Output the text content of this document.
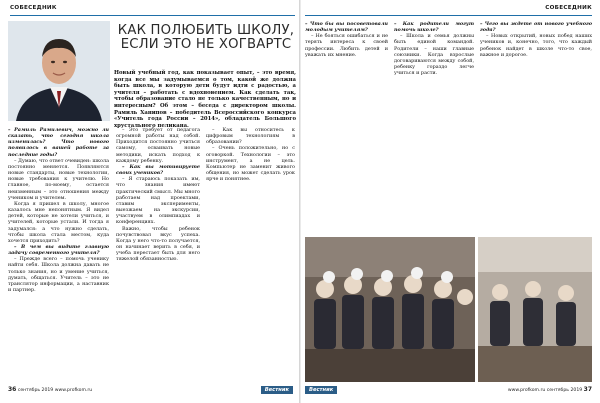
СОБЕСЕДНИК
КАК ПОЛЮБИТЬ ШКОЛУ, ЕСЛИ ЭТО НЕ ХОГВАРТС
Новый учебный год, как показывает опыт, – это время, когда все мы задумываемся о том, какой же должна быть школа, в которую дети будут идти с радостью, а учителя – работать с вдохновением. Как сделать так, чтобы образование стало не только качественным, но и интересным? Об этом – беседа с директором школы. Рамиль Ханипов – победитель Всероссийского конкурса «Учитель года России – 2014», обладатель Большого хрустального пеликана.

– Рамиль Рамилевич, можно ли сказать, что сегодня школа изменилась? Что нового появилось в вашей работе за последние годы?

– Думаю, что ответ очевиден: школа постоянно меняется. Появляются новые стандарты, новые технологии, новые требования к учителю. Но главное, по-моему, остается неизменным – это отношения между учеником и учителем.

Когда я пришел в школу, многое казалось мне непонятным. Я видел детей, которые не хотели учиться, и учителей, которые устали. И тогда я задумался: а что нужно сделать, чтобы школа стала местом, куда хочется приходить?

– В чем вы видите главную задачу современного учителя?

– Прежде всего – помочь ученику найти себя. Школа должна давать не только знания, но и умение учиться, думать, общаться. Учитель – это не транслятор информации, а наставник и партнер.

– Это требует от педагога огромной работы над собой. Приходится постоянно учиться самому, осваивать новые методики, искать подход к каждому ребенку.

– Как вы мотивируете своих учеников?

– Я стараюсь показать им, что знания имеют практический смысл. Мы много работаем над проектами, ставим эксперименты, выезжаем на экскурсии, участвуем в олимпиадах и конференциях.

Важно, чтобы ребенок почувствовал вкус успеха. Когда у него что-то получается, он начинает верить в себя, и учеба перестает быть для него тяжелой обязанностью.

– Как вы относитесь к цифровым технологиям в образовании?

– Очень положительно, но с оговоркой. Технологии – это инструмент, а не цель. Компьютер не заменит живого общения, но может сделать урок ярче и понятнее.

36 сентябрь 2019 www.profkom.ru	Вестник
СОБЕСЕДНИК

– Что бы вы посоветовали молодым учителям?

– Не бояться ошибаться и не терять интереса к своей профессии. Любить детей и уважать их мнение.

– Как родители могут помочь школе?

– Школа и семья должны быть единой командой. Родители – наши главные союзники. Когда взрослые договариваются между собой, ребенку гораздо легче учиться и расти.

– Чего вы ждете от нового учебного года?

– Новых открытий, новых побед наших учеников и, конечно, того, что каждый ребенок найдет в школе что-то свое, важное и дорогое.

Вестник	www.profkom.ru сентябрь 2019 37
